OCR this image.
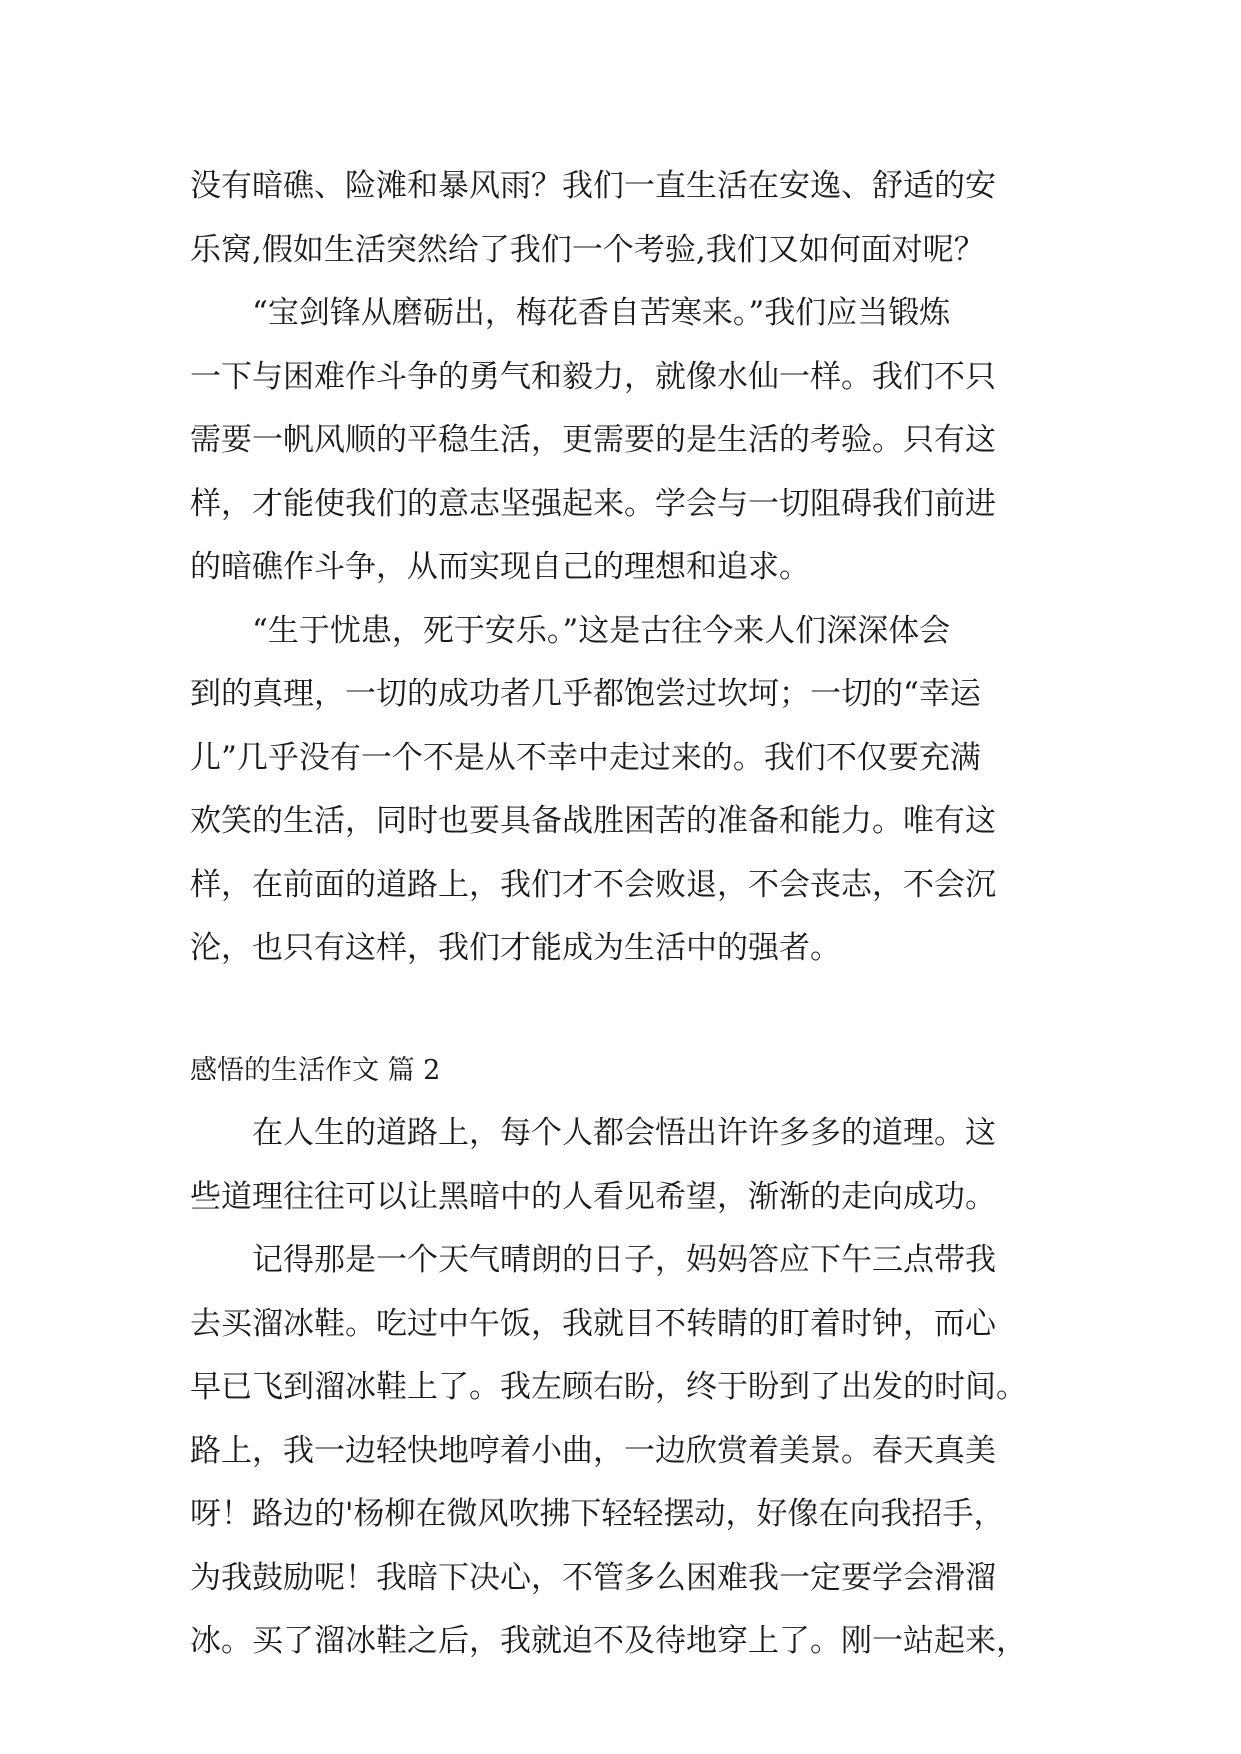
没有暗礁、险滩和暴风雨？我们一直生活在安逸、舒适的安
乐窝,假如生活突然给了我们一个考验,我们又如何面对呢？

“宝剑锋从磨砺出，梅花香自苦寒来。”我们应当锻炼
一下与困难作斗争的勇气和毅力，就像水仙一样。我们不只
需要一帆风顺的平稳生活，更需要的是生活的考验。只有这
样，才能使我们的意志坚强起来。学会与一切阻碍我们前进
的暗礁作斗争，从而实现自己的理想和追求。

“生于忧患，死于安乐。”这是古往今来人们深深体会
到的真理，一切的成功者几乎都饱尝过坎坷；一切的“幸运
儿”几乎没有一个不是从不幸中走过来的。我们不仅要充满
欢笑的生活，同时也要具备战胜困苦的准备和能力。唯有这
样，在前面的道路上，我们才不会败退，不会丧志，不会沉
沦，也只有这样，我们才能成为生活中的强者。

感悟的生活作文 篇 2

在人生的道路上，每个人都会悟出许许多多的道理。这
些道理往往可以让黑暗中的人看见希望，渐渐的走向成功。

记得那是一个天气晴朗的日子，妈妈答应下午三点带我
去买溜冰鞋。吃过中午饭，我就目不转睛的盯着时钟，而心
早已飞到溜冰鞋上了。我左顾右盼，终于盼到了出发的时间。
路上，我一边轻快地哼着小曲，一边欣赏着美景。春天真美
呀！路边的'杨柳在微风吹拂下轻轻摆动，好像在向我招手，
为我鼓励呢！我暗下决心，不管多么困难我一定要学会滑溜
冰。买了溜冰鞋之后，我就迫不及待地穿上了。刚一站起来，
